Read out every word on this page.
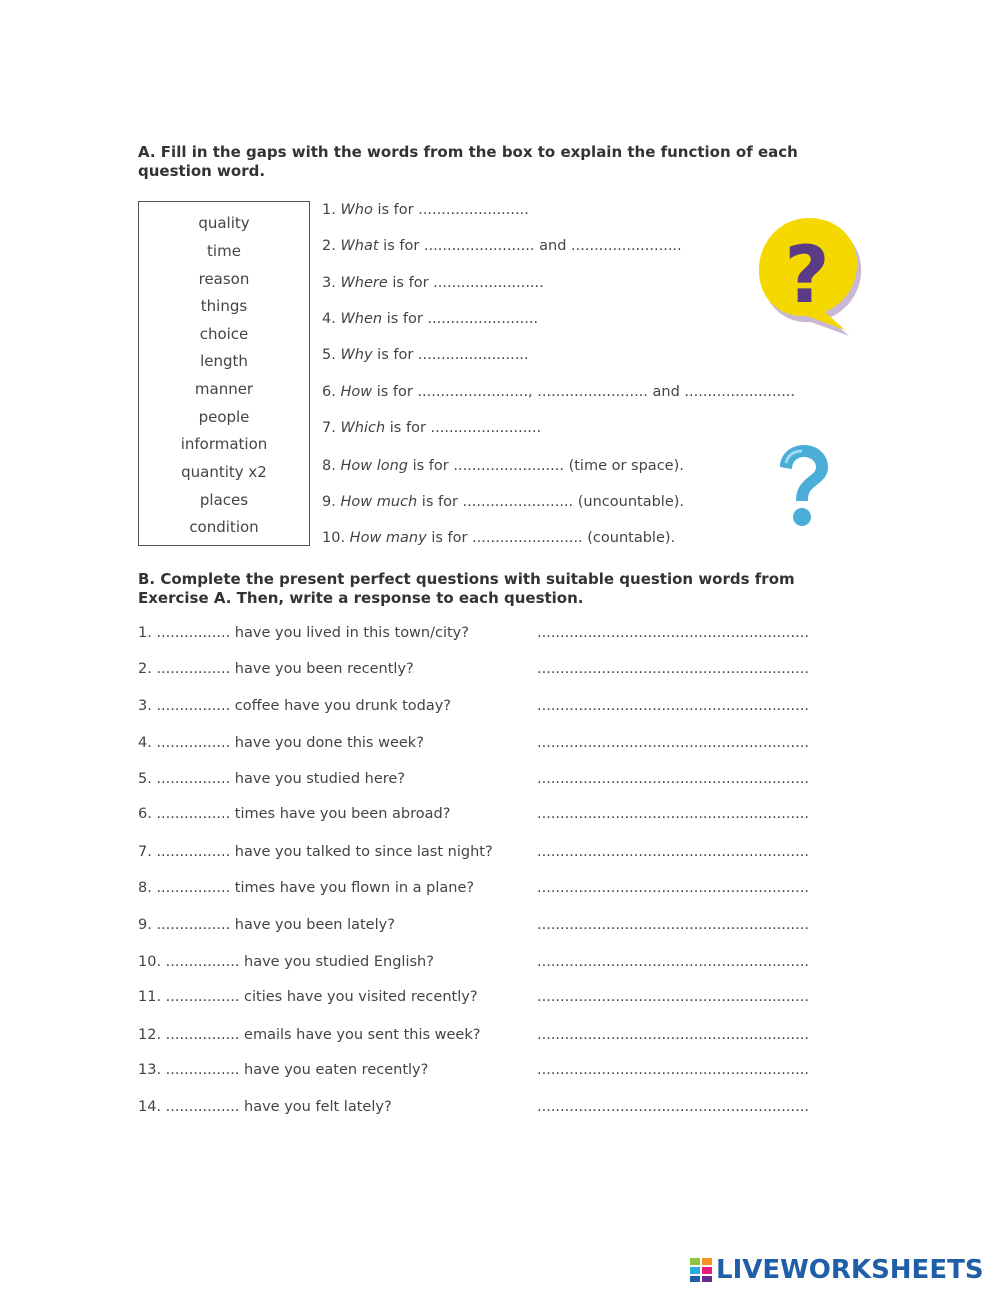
A. Fill in the gaps with the words from the box to explain the function of each question word.
quality
time
reason
things
choice
length
manner
people
information
quantity x2
places
condition
1. Who is for ........................
2. What is for ........................ and ........................
3. Where is for ........................
4. When is for ........................
5. Why is for ........................
6. How is for ........................, ........................ and ........................
7. Which is for ........................
8. How long is for ........................ (time or space).
9. How much is for ........................ (uncountable).
10. How many is for ........................ (countable).
?
B. Complete the present perfect questions with suitable question words from Exercise A. Then, write a response to each question.
1. ................ have you lived in this town/city?	...........................................................
2. ................ have you been recently?	...........................................................
3. ................ coffee have you drunk today?	...........................................................
4. ................ have you done this week?	...........................................................
5. ................ have you studied here?	...........................................................
6. ................ times have you been abroad?	...........................................................
7. ................ have you talked to since last night?	...........................................................
8. ................ times have you flown in a plane?	...........................................................
9. ................ have you been lately?	...........................................................
10. ................ have you studied English?	...........................................................
11. ................ cities have you visited recently?	...........................................................
12. ................ emails have you sent this week?	...........................................................
13. ................ have you eaten recently?	...........................................................
14. ................ have you felt lately?	...........................................................
LIVEWORKSHEETS
